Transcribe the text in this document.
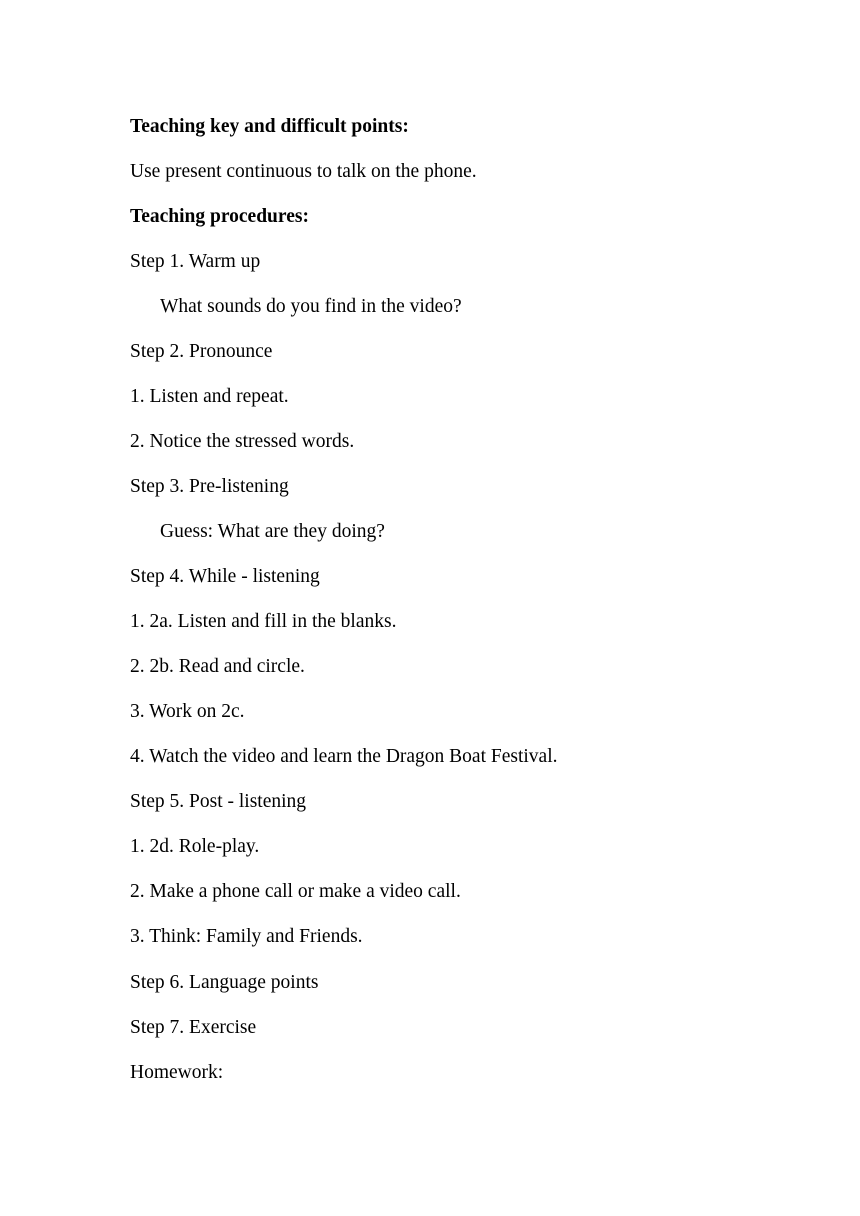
Teaching key and difficult points:

Use present continuous to talk on the phone.

Teaching procedures:

Step 1. Warm up

What sounds do you find in the video?

Step 2. Pronounce

1. Listen and repeat.

2. Notice the stressed words.

Step 3. Pre-listening

Guess: What are they doing?

Step 4. While - listening

1. 2a. Listen and fill in the blanks.

2. 2b. Read and circle.

3. Work on 2c.

4. Watch the video and learn the Dragon Boat Festival.

Step 5. Post - listening

1. 2d. Role-play.

2. Make a phone call or make a video call.

3. Think: Family and Friends.

Step 6. Language points

Step 7. Exercise

Homework:
